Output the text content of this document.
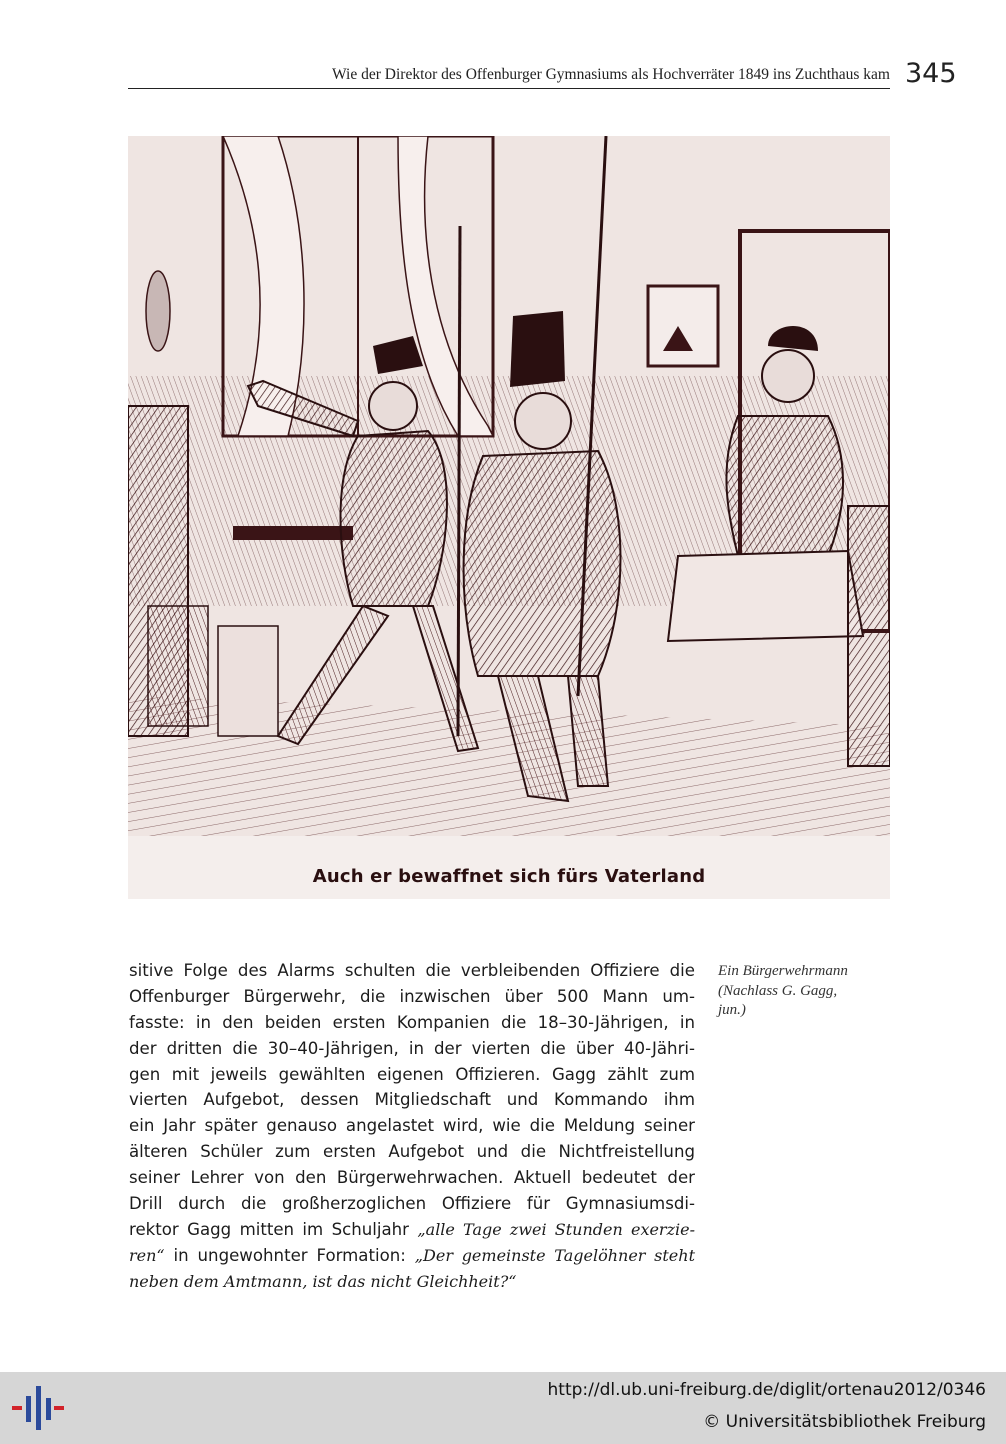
Wie der Direktor des Offenburger Gymnasiums als Hochverräter 1849 ins Zuchthaus kam 345
Auch er bewaffnet sich fürs Vaterland
sitive Folge des Alarms schulten die verbleibenden Offiziere die
Offenburger Bürgerwehr, die inzwischen über 500 Mann um-
fasste: in den beiden ersten Kompanien die 18–30-Jährigen, in
der dritten die 30–40-Jährigen, in der vierten die über 40-Jähri-
gen mit jeweils gewählten eigenen Offizieren. Gagg zählt zum
vierten Aufgebot, dessen Mitgliedschaft und Kommando ihm
ein Jahr später genauso angelastet wird, wie die Meldung seiner
älteren Schüler zum ersten Aufgebot und die Nichtfreistellung
seiner Lehrer von den Bürgerwehrwachen. Aktuell bedeutet der
Drill durch die großherzoglichen Offiziere für Gymnasiumsdi-
rektor Gagg mitten im Schuljahr „alle Tage zwei Stunden exerzie-
ren“ in ungewohnter Formation: „Der gemeinste Tagelöhner steht
neben dem Amtmann, ist das nicht Gleichheit?“
Ein Bürgerwehrmann
(Nachlass G. Gagg,
jun.)
http://dl.ub.uni-freiburg.de/diglit/ortenau2012/0346
© Universitätsbibliothek Freiburg
